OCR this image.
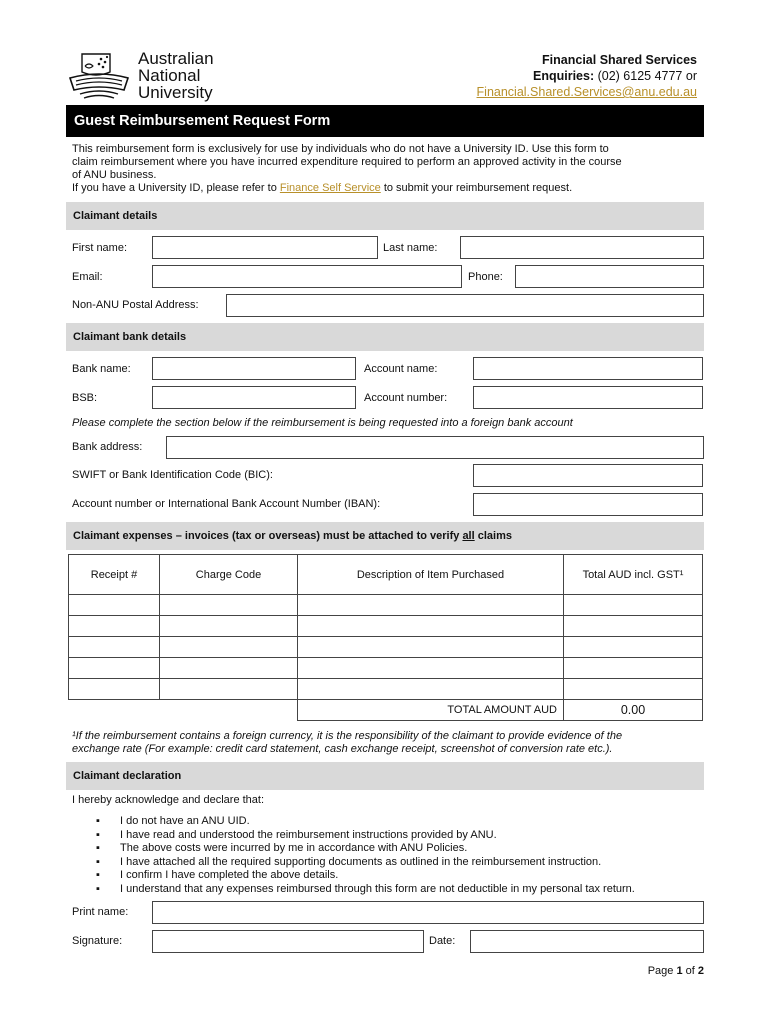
Australian
National
University
Financial Shared Services
Enquiries: (02) 6125 4777 or
Financial.Shared.Services@anu.edu.au
Guest Reimbursement Request Form
This reimbursement form is exclusively for use by individuals who do not have a University ID. Use this form to
claim reimbursement where you have incurred expenditure required to perform an approved activity in the course
of ANU business.
If you have a University ID, please refer to Finance Self Service to submit your reimbursement request.
Claimant details
First name:	Last name:
Email:	Phone:
Non-ANU Postal Address:
Claimant bank details
Bank name:	Account name:
BSB:	Account number:
Please complete the section below if the reimbursement is being requested into a foreign bank account
Bank address:
SWIFT or Bank Identification Code (BIC):
Account number or International Bank Account Number (IBAN):
Claimant expenses – invoices (tax or overseas) must be attached to verify all claims
Receipt #	Charge Code	Description of Item Purchased	Total AUD incl. GST¹

		TOTAL AMOUNT AUD	0.00
¹If the reimbursement contains a foreign currency, it is the responsibility of the claimant to provide evidence of the
exchange rate (For example: credit card statement, cash exchange receipt, screenshot of conversion rate etc.).
Claimant declaration
I hereby acknowledge and declare that:
▪	I do not have an ANU UID.
▪	I have read and understood the reimbursement instructions provided by ANU.
▪	The above costs were incurred by me in accordance with ANU Policies.
▪	I have attached all the required supporting documents as outlined in the reimbursement instruction.
▪	I confirm I have completed the above details.
▪	I understand that any expenses reimbursed through this form are not deductible in my personal tax return.
Print name:
Signature:	Date:
Page 1 of 2
